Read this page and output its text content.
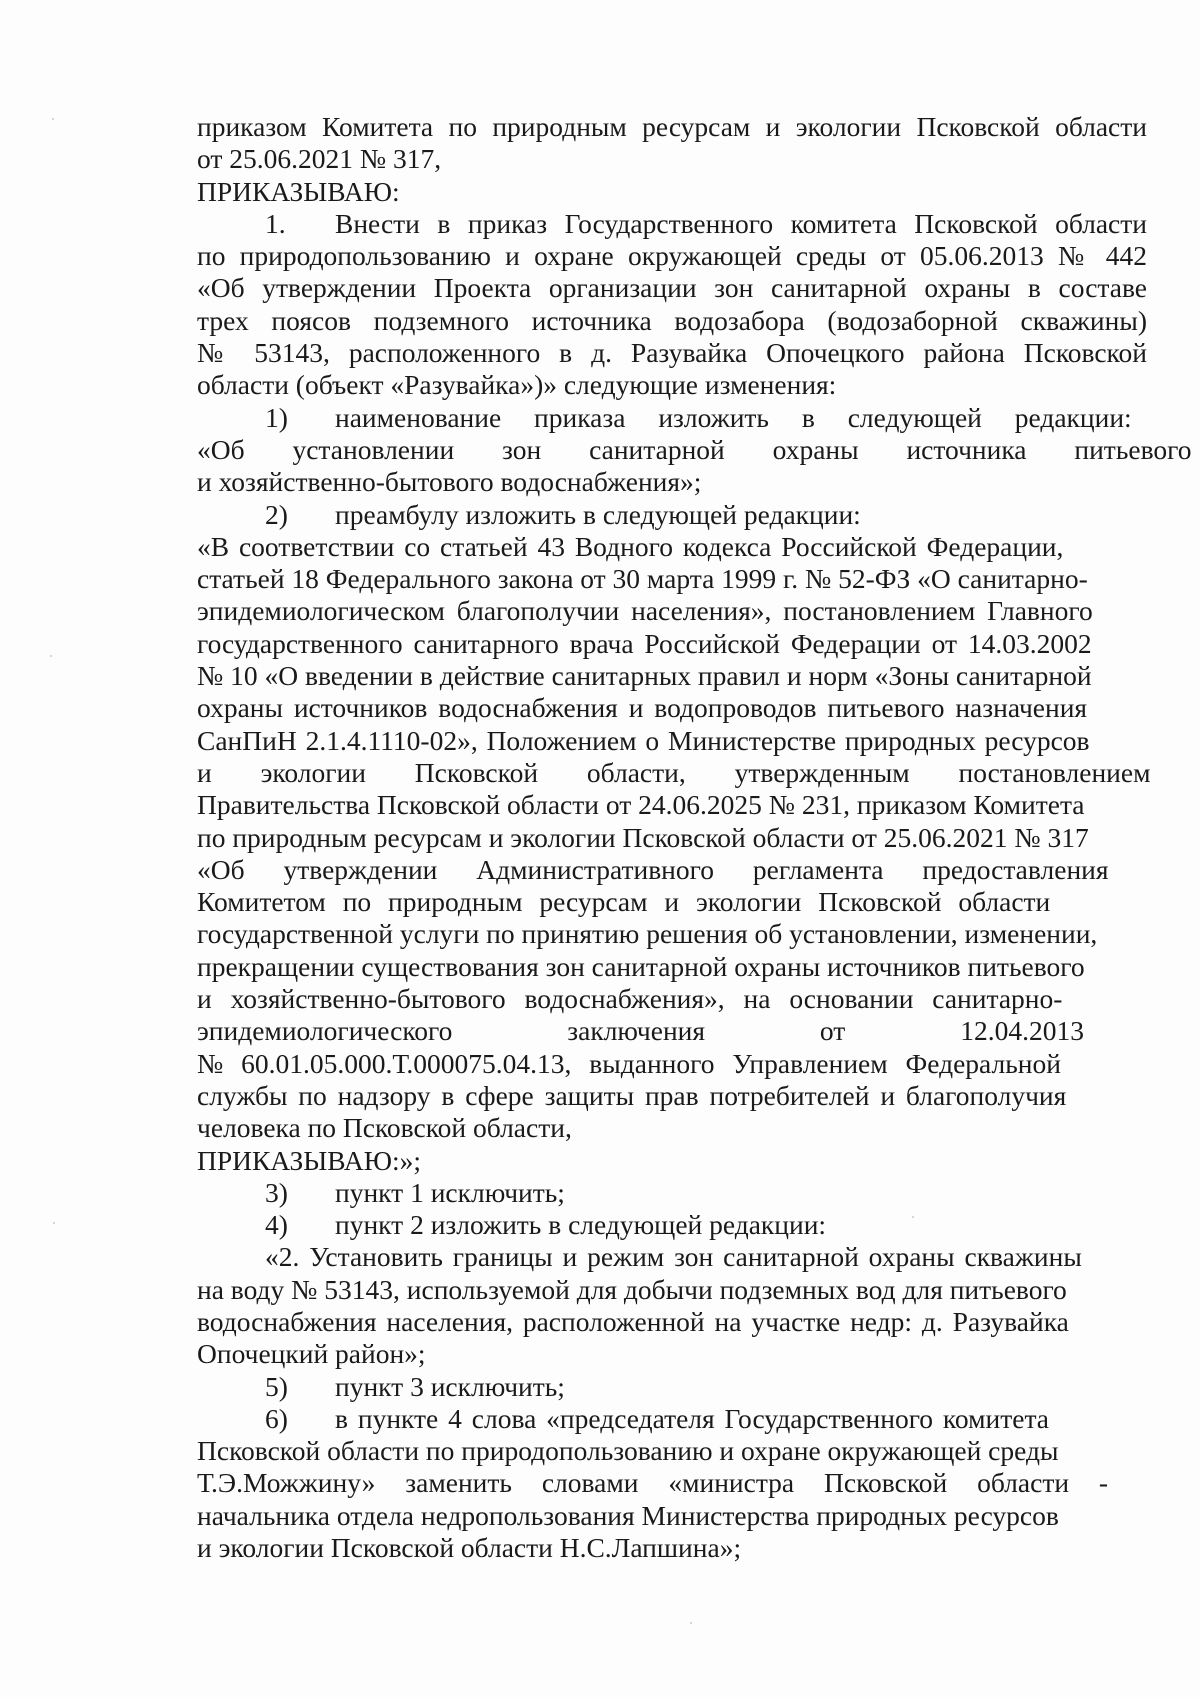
приказом Комитета по природным ресурсам и экологии Псковской области
от 25.06.2021 № 317,
ПРИКАЗЫВАЮ:
1. Внести в приказ Государственного комитета Псковской области
по природопользованию и охране окружающей среды от 05.06.2013 № 442
«Об утверждении Проекта организации зон санитарной охраны в составе
трех поясов подземного источника водозабора (водозаборной скважины)
№ 53143, расположенного в д. Разувайка Опочецкого района Псковской
области (объект «Разувайка»)» следующие изменения:
1) наименование приказа изложить в следующей редакции:
«Об установлении зон санитарной охраны источника питьевого
и хозяйственно-бытового водоснабжения»;
2) преамбулу изложить в следующей редакции:
«В соответствии со статьей 43 Водного кодекса Российской Федерации,
статьей 18 Федерального закона от 30 марта 1999 г. № 52-ФЗ «О санитарно-
эпидемиологическом благополучии населения», постановлением Главного
государственного санитарного врача Российской Федерации от 14.03.2002
№ 10 «О введении в действие санитарных правил и норм «Зоны санитарной
охраны источников водоснабжения и водопроводов питьевого назначения
СанПиН 2.1.4.1110-02», Положением о Министерстве природных ресурсов
и экологии Псковской области, утвержденным постановлением
Правительства Псковской области от 24.06.2025 № 231, приказом Комитета
по природным ресурсам и экологии Псковской области от 25.06.2021 № 317
«Об утверждении Административного регламента предоставления
Комитетом по природным ресурсам и экологии Псковской области
государственной услуги по принятию решения об установлении, изменении,
прекращении существования зон санитарной охраны источников питьевого
и хозяйственно-бытового водоснабжения», на основании санитарно-
эпидемиологического заключения от 12.04.2013
№ 60.01.05.000.Т.000075.04.13, выданного Управлением Федеральной
службы по надзору в сфере защиты прав потребителей и благополучия
человека по Псковской области,
ПРИКАЗЫВАЮ:»;
3) пункт 1 исключить;
4) пункт 2 изложить в следующей редакции:
«2. Установить границы и режим зон санитарной охраны скважины
на воду № 53143, используемой для добычи подземных вод для питьевого
водоснабжения населения, расположенной на участке недр: д. Разувайка
Опочецкий район»;
5) пункт 3 исключить;
6) в пункте 4 слова «председателя Государственного комитета
Псковской области по природопользованию и охране окружающей среды
Т.Э.Можжину» заменить словами «министра Псковской области -
начальника отдела недропользования Министерства природных ресурсов
и экологии Псковской области Н.С.Лапшина»;
